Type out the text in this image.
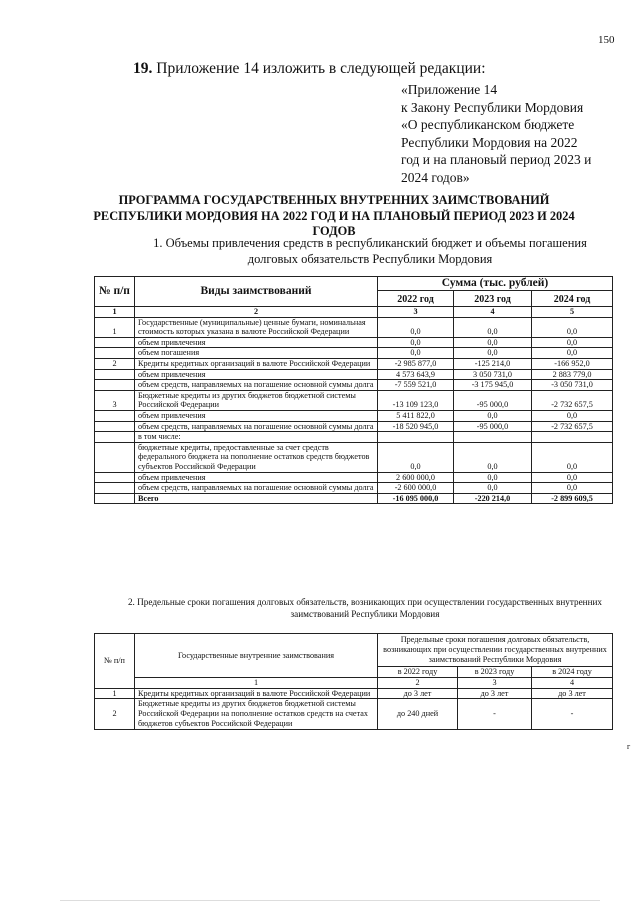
150
19. Приложение 14 изложить в следующей редакции:
«Приложение 14
к Закону Республики Мордовия
«О республиканском бюджете
Республики Мордовия на 2022
год и на плановый период 2023 и
2024 годов»
ПРОГРАММА ГОСУДАРСТВЕННЫХ ВНУТРЕННИХ ЗАИМСТВОВАНИЙ
РЕСПУБЛИКИ МОРДОВИЯ НА 2022 ГОД И НА ПЛАНОВЫЙ ПЕРИОД 2023 И 2024
ГОДОВ
1. Объемы привлечения средств в республиканский бюджет и объемы погашения
долговых обязательств Республики Мордовия
№ п/п	Виды заимствований	Сумма (тыс. рублей)		
		2022 год	2023 год	2024 год
1	2	3	4	5
1	Государственные (муниципальные) ценные бумаги, номинальная стоимость которых указана в валюте Российской Федерации	0,0	0,0	0,0
	объем привлечения	0,0	0,0	0,0
	объем погашения	0,0	0,0	0,0
2	Кредиты кредитных организаций в валюте Российской Федерации	-2 985 877,0	-125 214,0	-166 952,0
	объем привлечения	4 573 643,9	3 050 731,0	2 883 779,0
	объем средств, направляемых на погашение основной суммы долга	-7 559 521,0	-3 175 945,0	-3 050 731,0
3	Бюджетные кредиты из других бюджетов бюджетной системы Российской Федерации	-13 109 123,0	-95 000,0	-2 732 657,5
	объем привлечения	5 411 822,0	0,0	0,0
	объем средств, направляемых на погашение основной суммы долга	-18 520 945,0	-95 000,0	-2 732 657,5
	в том числе:			
	бюджетные кредиты, предоставленные за счет средств федерального бюджета на пополнение остатков средств бюджетов субъектов Российской Федерации	0,0	0,0	0,0
	объем привлечения	2 600 000,0	0,0	0,0
	объем средств, направляемых на погашение основной суммы долга	-2 600 000,0	0,0	0,0
	Всего	-16 095 000,0	-220 214,0	-2 899 609,5
2. Предельные сроки погашения долговых обязательств, возникающих при осуществлении государственных внутренних
заимствований Республики Мордовия
№ п/п	Государственные внутренние заимствования	Предельные сроки погашения долговых обязательств, возникающих при осуществлении государственных внутренних заимствований Республики Мордовия		
		в 2022 году	в 2023 году	в 2024 году
	1	2	3	4
1	Кредиты кредитных организаций в валюте Российской Федерации	до 3 лет	до 3 лет	до 3 лет
2	Бюджетные кредиты из других бюджетов бюджетной системы Российской Федерации на пополнение остатков средств на счетах бюджетов субъектов Российской Федерации	до 240 дней	-	-
г
